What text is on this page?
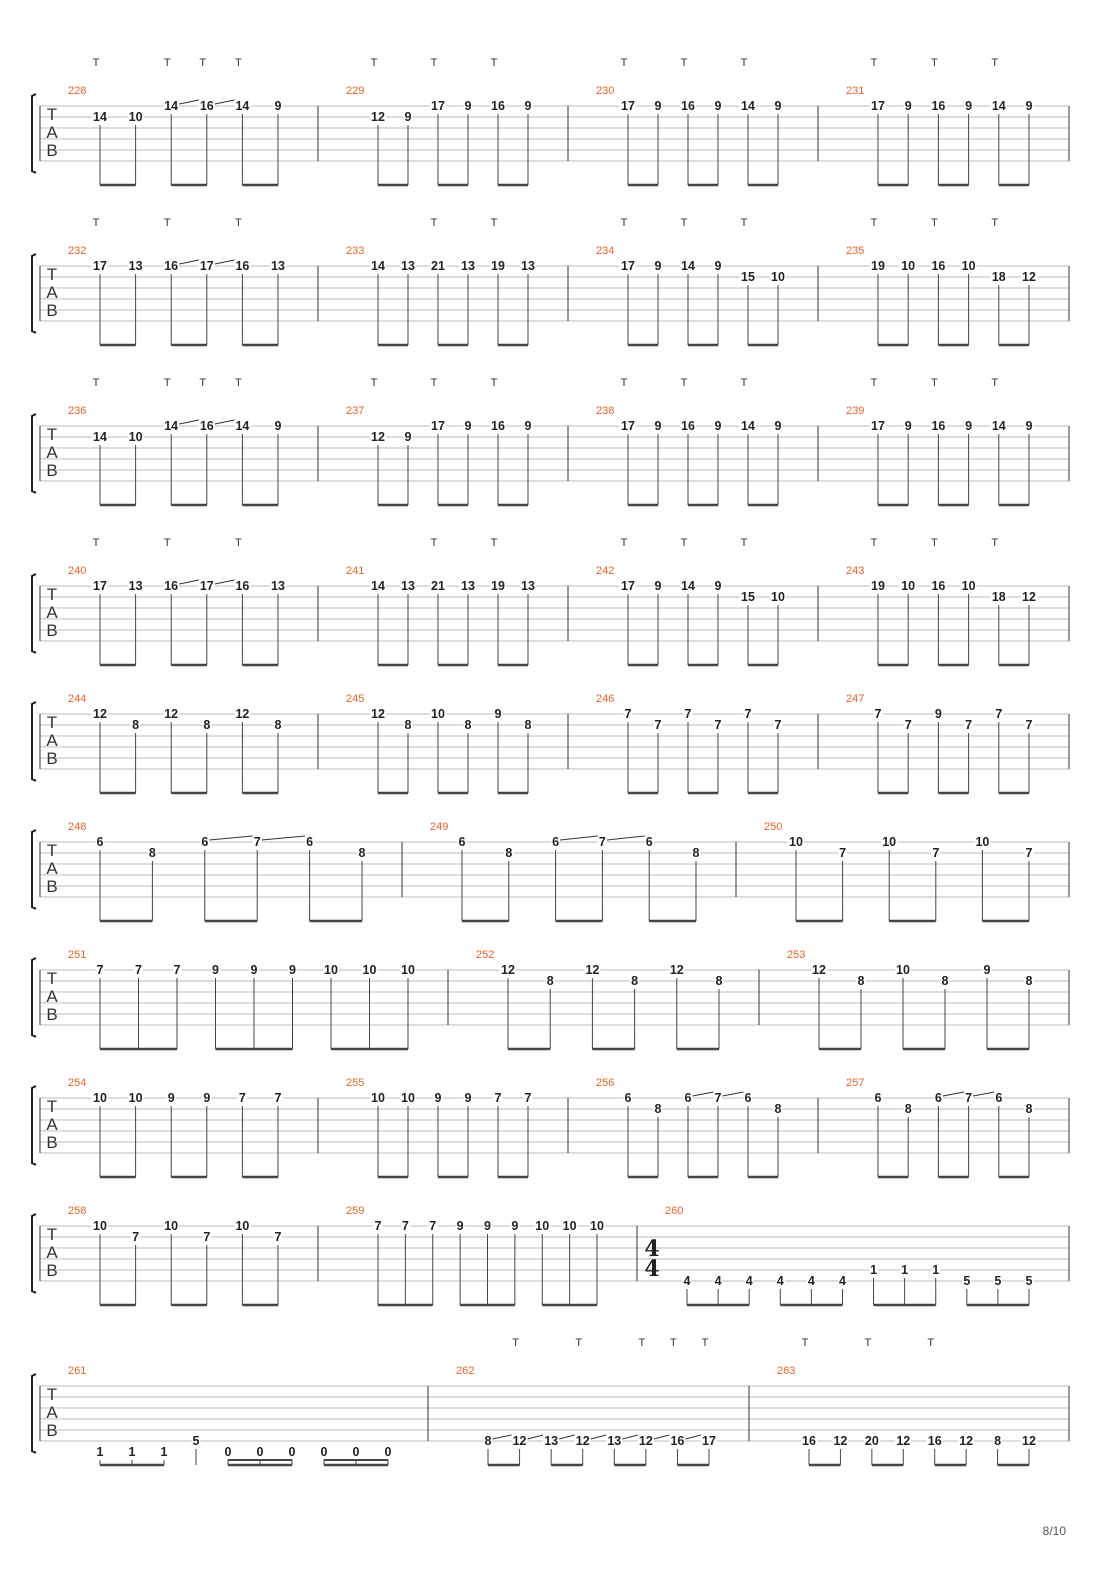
T
A
B
228
14
T
10
14
T
16
T
14
T
9
229
12
T
9
17
T
9 16
T
9
230
17
T
9 16
T
9 14
T
9
231
17
T
9 16
T
9 14
T
9
T
A
B
232
17
T
13 16
T
17 16
T
13
233
14 13 21
T
13 19
T
13
234
17
T
9 14
T
9
15
T
10
235
19
T
10 16
T
10
18
T
12
T
A
B
236
14
T
10
14
T
16
T
14
T
9
237
12
T
9
17
T
9 16
T
9
238
17
T
9 16
T
9 14
T
9
239
17
T
9 16
T
9 14
T
9
T
A
B
240
17
T
13 16
T
17 16
T
13
241
14 13 21
T
13 19
T
13
242
17
T
9 14
T
9
15
T
10
243
19
T
10 16
T
10
18
T
12
T
A
B
244
12
8
12
8
12
8
245
12
8
10
8
9
8
246
7
7
7
7
7
7
247
7
7
9
7
7
7
T
A
B
248
6
8
6	7	6
8
249
6
8
6	7	6
8
250
10
7
10
7
10
7
T
A
B
251
7	7	7	9	9	9 10 10 10
252
12
8
12
8
12
8
253
12
8
10
8
9
8
T
A
B
254
10 10 9 9 7 7
255
10 10 9 9 7 7
256
6
8
6 7 6
8
257
6
8
6 7 6
8
T
A
B
258
10
7
10
7
10
7
259
7 7 7 9 9 9 10 10 10
260
4
4 4 4 4 4 4 4
1 1 1
5 5 5
T
A
B
261
1 1 1
5
0 0 0 0 0 0
262
8 12
T
13 12
T
13 12
T
16
T
17
T
263
16
T
12 20
T
12 16
T
12 8 12
8/10
